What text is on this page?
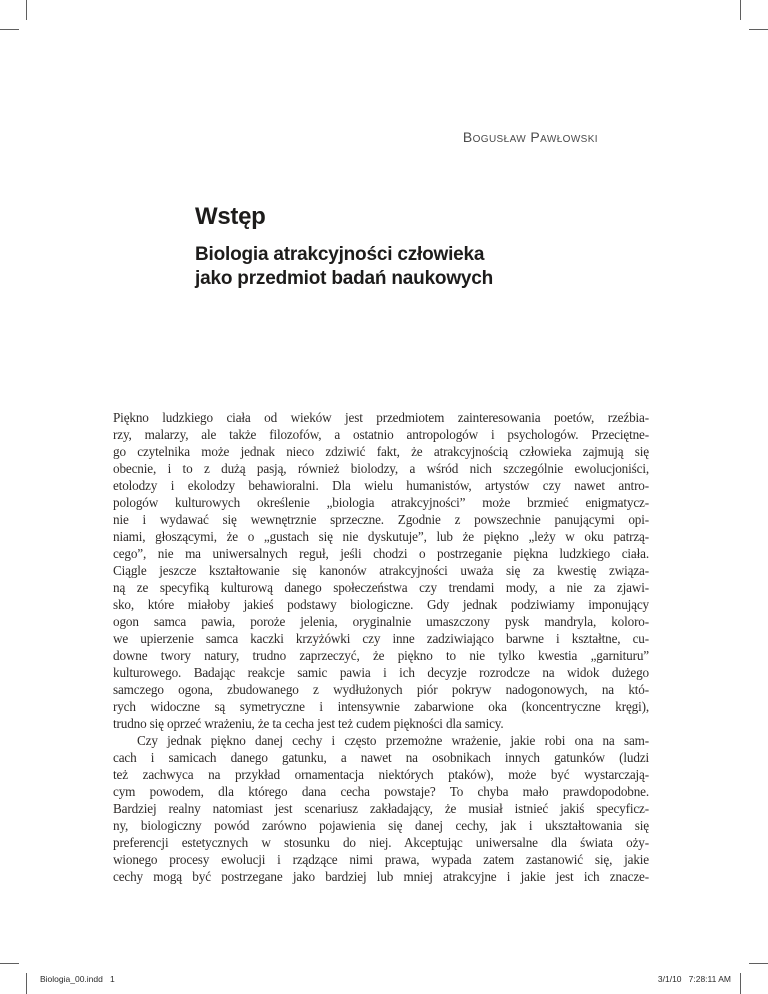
Bogusław Pawłowski
Wstęp
Biologia atrakcyjności człowieka
jako przedmiot badań naukowych
Piękno ludzkiego ciała od wieków jest przedmiotem zainteresowania poetów, rzeźbia-
rzy, malarzy, ale także filozofów, a ostatnio antropologów i psychologów. Przeciętne-
go czytelnika może jednak nieco zdziwić fakt, że atrakcyjnością człowieka zajmują się
obecnie, i to z dużą pasją, również biolodzy, a wśród nich szczególnie ewolucjoniści,
etolodzy i ekolodzy behawioralni. Dla wielu humanistów, artystów czy nawet antro-
pologów kulturowych określenie „biologia atrakcyjności” może brzmieć enigmatycz-
nie i wydawać się wewnętrznie sprzeczne. Zgodnie z powszechnie panującymi opi-
niami, głoszącymi, że o „gustach się nie dyskutuje”, lub że piękno „leży w oku patrzą-
cego”, nie ma uniwersalnych reguł, jeśli chodzi o postrzeganie piękna ludzkiego ciała.
Ciągle jeszcze kształtowanie się kanonów atrakcyjności uważa się za kwestię związa-
ną ze specyfiką kulturową danego społeczeństwa czy trendami mody, a nie za zjawi-
sko, które miałoby jakieś podstawy biologiczne. Gdy jednak podziwiamy imponujący
ogon samca pawia, poroże jelenia, oryginalnie umaszczony pysk mandryla, koloro-
we upierzenie samca kaczki krzyżówki czy inne zadziwiająco barwne i kształtne, cu-
downe twory natury, trudno zaprzeczyć, że piękno to nie tylko kwestia „garnituru”
kulturowego. Badając reakcje samic pawia i ich decyzje rozrodcze na widok dużego
samczego ogona, zbudowanego z wydłużonych piór pokryw nadogonowych, na któ-
rych widoczne są symetryczne i intensywnie zabarwione oka (koncentryczne kręgi),
trudno się oprzeć wrażeniu, że ta cecha jest też cudem piękności dla samicy.
Czy jednak piękno danej cechy i często przemożne wrażenie, jakie robi ona na sam-
cach i samicach danego gatunku, a nawet na osobnikach innych gatunków (ludzi
też zachwyca na przykład ornamentacja niektórych ptaków), może być wystarczają-
cym powodem, dla którego dana cecha powstaje? To chyba mało prawdopodobne.
Bardziej realny natomiast jest scenariusz zakładający, że musiał istnieć jakiś specyficz-
ny, biologiczny powód zarówno pojawienia się danej cechy, jak i ukształtowania się
preferencji estetycznych w stosunku do niej. Akceptując uniwersalne dla świata oży-
wionego procesy ewolucji i rządzące nimi prawa, wypada zatem zastanowić się, jakie
cechy mogą być postrzegane jako bardziej lub mniej atrakcyjne i jakie jest ich znacze-
Biologia_00.indd   1	3/1/10   7:28:11 AM
